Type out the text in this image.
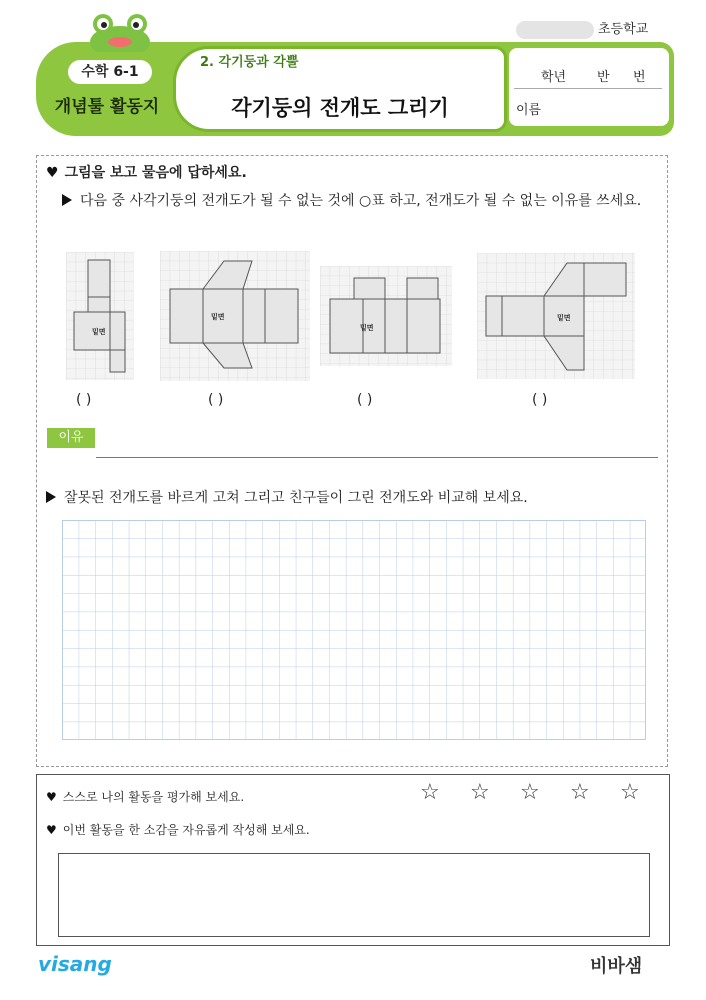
초등학교
수학 6-1
개념툴 활동지
2. 각기둥과 각뿔
각기둥의 전개도 그리기
학년 반 번
이름
♥ 그림을 보고 물음에 답하세요.
다음 중 사각기둥의 전개도가 될 수 없는 것에 ○표 하고, 전개도가 될 수 없는 이유를 쓰세요.
밑면
밑면
밑면
밑면
( )	( )	( )	( )
이유
잘못된 전개도를 바르게 고쳐 그리고 친구들이 그린 전개도와 비교해 보세요.
♥ 스스로 나의 활동을 평가해 보세요.	☆ ☆ ☆ ☆ ☆
♥ 이번 활동을 한 소감을 자유롭게 작성해 보세요.
visang	비바샘
